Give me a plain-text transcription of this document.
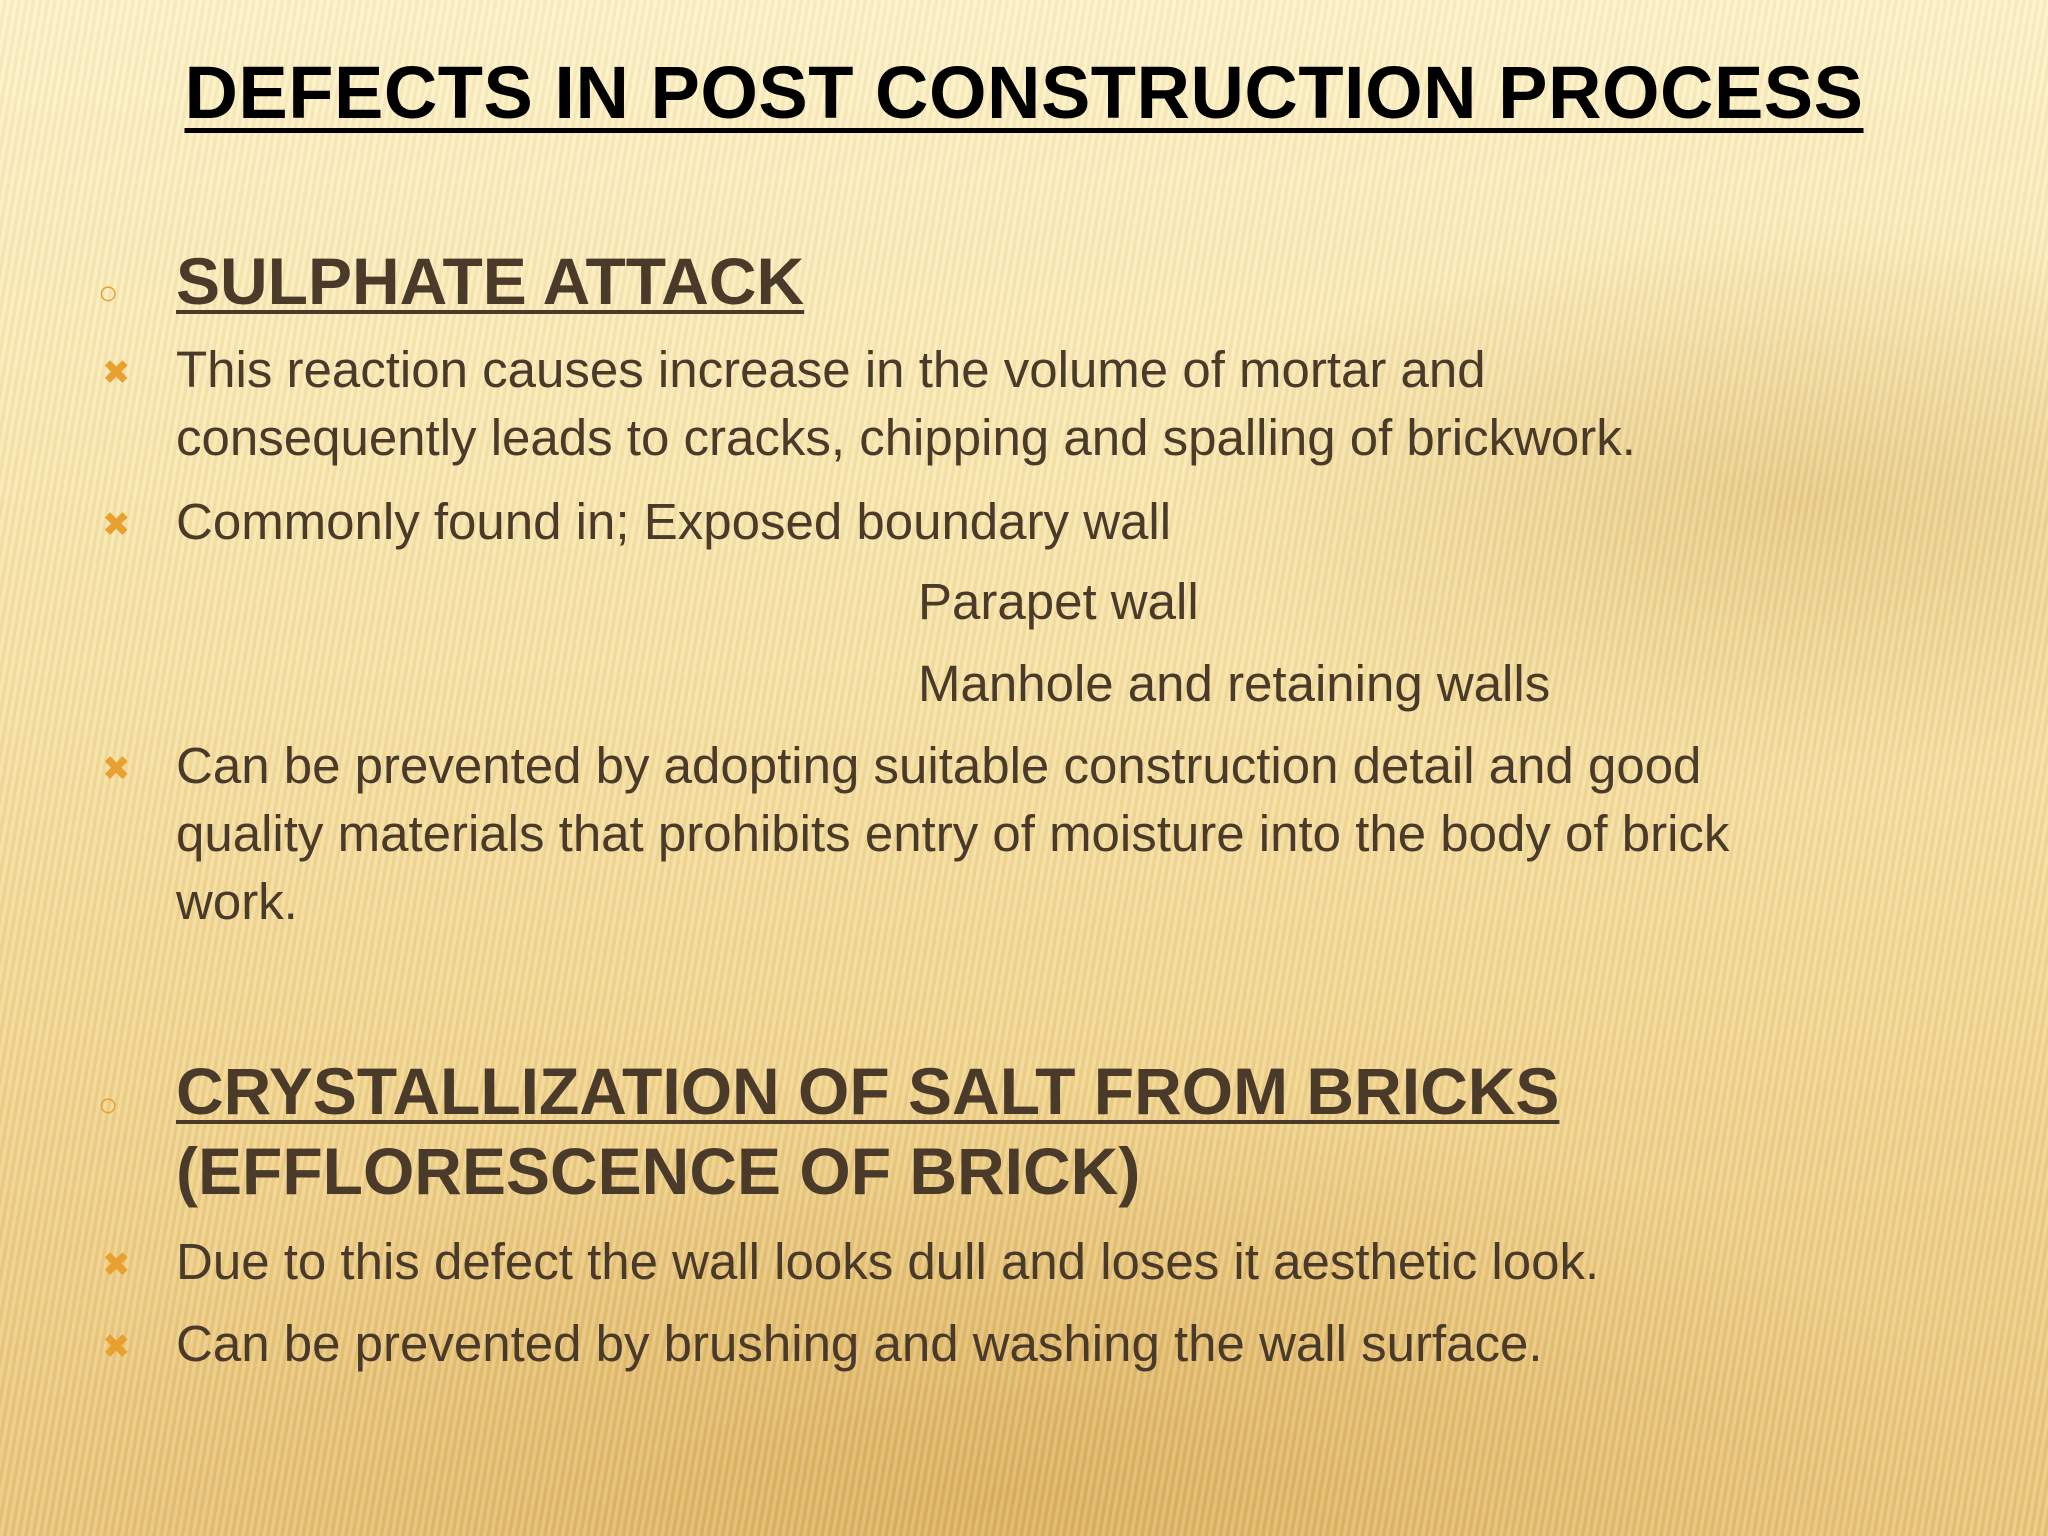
DEFECTS IN POST CONSTRUCTION PROCESS
○ SULPHATE ATTACK
✖ This reaction causes increase in the volume of mortar and
consequently leads to cracks, chipping and spalling of brickwork.
✖ Commonly found in; Exposed boundary wall
Parapet wall
Manhole and retaining walls
✖ Can be prevented by adopting suitable construction detail and good
quality materials that prohibits entry of moisture into the body of brick
work.
○ CRYSTALLIZATION OF SALT FROM BRICKS
(EFFLORESCENCE OF BRICK)
✖ Due to this defect the wall looks dull and loses it aesthetic look.
✖ Can be prevented by brushing and washing the wall surface.
